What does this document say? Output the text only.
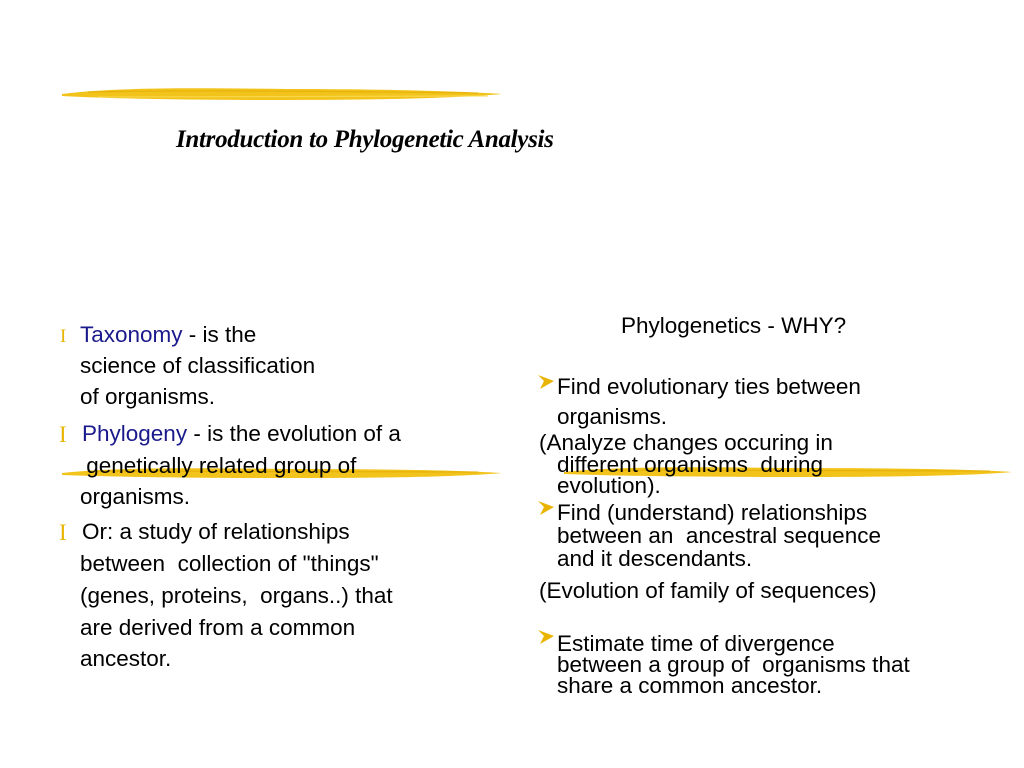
Introduction to Phylogenetic Analysis
I Taxonomy - is the
science of classification
of organisms.
I Phylogeny - is the evolution of a
genetically related group of
organisms.
I Or: a study of relationships
between  collection of "things"
(genes, proteins,  organs..) that
are derived from a common
ancestor.
Phylogenetics - WHY?
Find evolutionary ties between
organisms.
(Analyze changes occuring in
different organisms  during
evolution).
Find (understand) relationships
between an  ancestral sequence
and it descendants.
(Evolution of family of sequences)
Estimate time of divergence
between a group of  organisms that
share a common ancestor.
